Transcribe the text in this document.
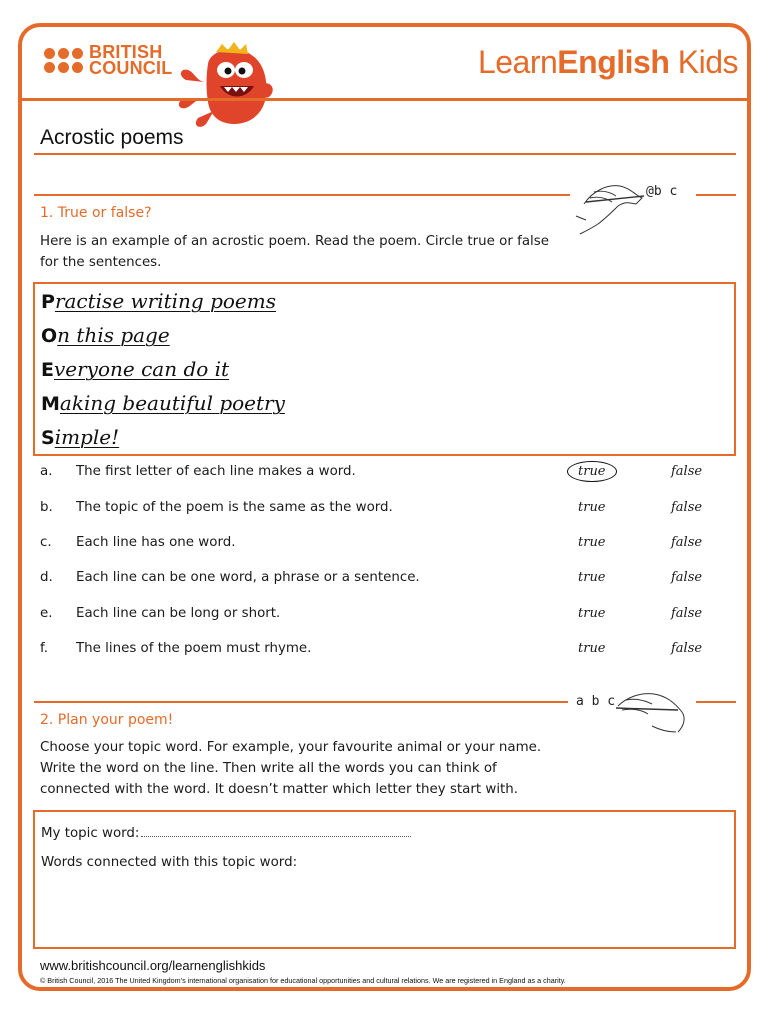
BRITISH
COUNCIL	LearnEnglish Kids
Acrostic poems
@b c
1. True or false?
Here is an example of an acrostic poem. Read the poem. Circle true or false
for the sentences.
Practise writing poems
On this page
Everyone can do it
Making beautiful poetry
Simple!
a. The first letter of each line makes a word.	true	false
b. The topic of the poem is the same as the word.	true	false
c. Each line has one word.	true	false
d. Each line can be one word, a phrase or a sentence.	true	false
e. Each line can be long or short.	true	false
f. The lines of the poem must rhyme.	true	false
a b c
2. Plan your poem!
Choose your topic word. For example, your favourite animal or your name.
Write the word on the line. Then write all the words you can think of
connected with the word. It doesn’t matter which letter they start with.
My topic word:
Words connected with this topic word:
www.britishcouncil.org/learnenglishkids
© British Council, 2016 The United Kingdom’s international organisation for educational opportunities and cultural relations. We are registered in England as a charity.
